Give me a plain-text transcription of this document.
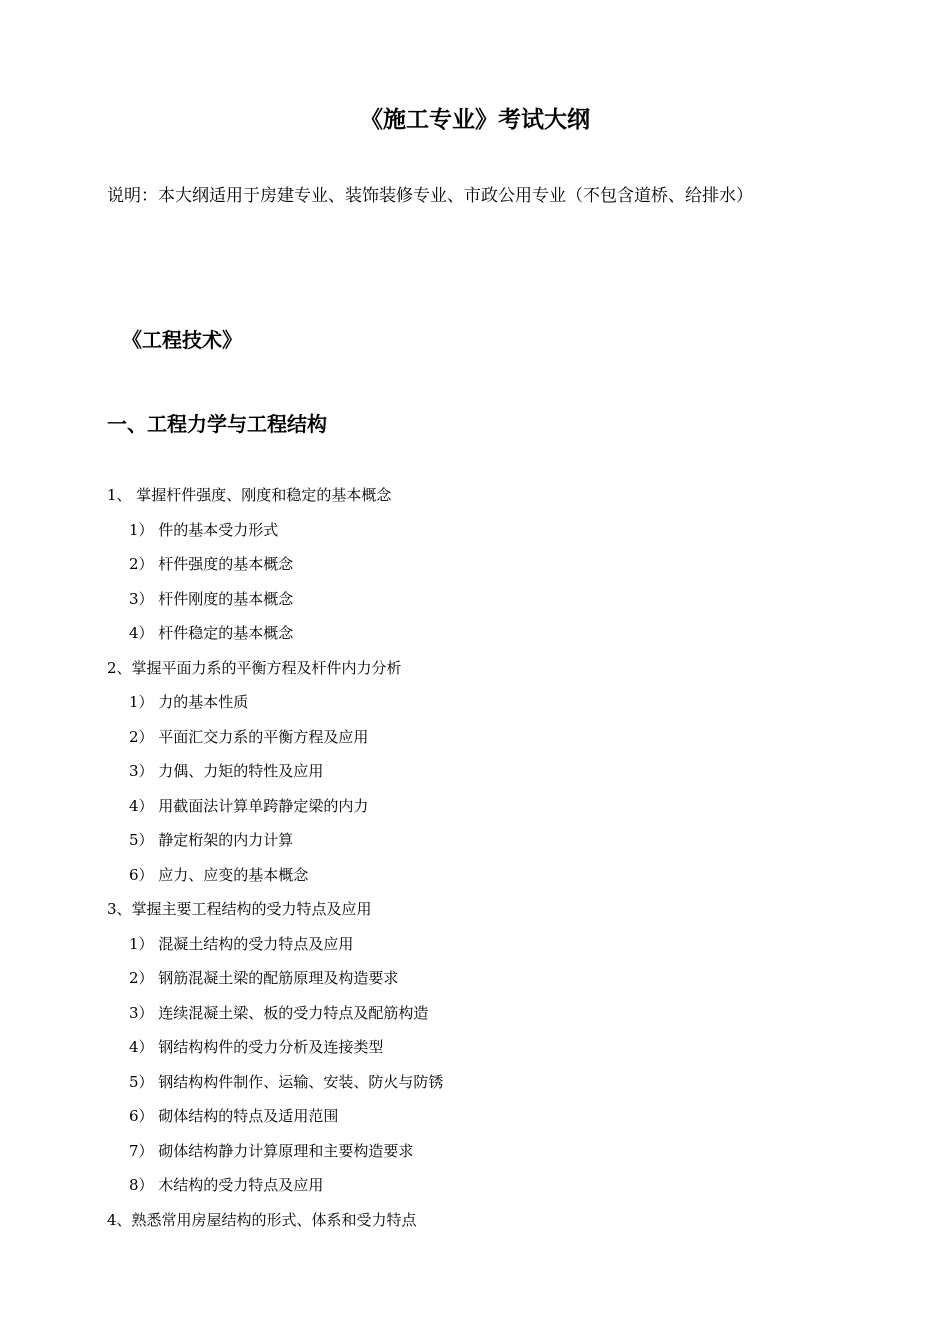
《施工专业》考试大纲

说明：本大纲适用于房建专业、装饰装修专业、市政公用专业（不包含道桥、给排水）

《工程技术》
一、工程力学与工程结构
1、 掌握杆件强度、刚度和稳定的基本概念
1） 件的基本受力形式
2） 杆件强度的基本概念
3） 杆件刚度的基本概念
4） 杆件稳定的基本概念
2、掌握平面力系的平衡方程及杆件内力分析
1） 力的基本性质
2） 平面汇交力系的平衡方程及应用
3） 力偶、力矩的特性及应用
4） 用截面法计算单跨静定梁的内力
5） 静定桁架的内力计算
6） 应力、应变的基本概念
3、掌握主要工程结构的受力特点及应用
1） 混凝土结构的受力特点及应用
2） 钢筋混凝土梁的配筋原理及构造要求
3） 连续混凝土梁、板的受力特点及配筋构造
4） 钢结构构件的受力分析及连接类型
5） 钢结构构件制作、运输、安装、防火与防锈
6） 砌体结构的特点及适用范围
7） 砌体结构静力计算原理和主要构造要求
8） 木结构的受力特点及应用
4、熟悉常用房屋结构的形式、体系和受力特点
